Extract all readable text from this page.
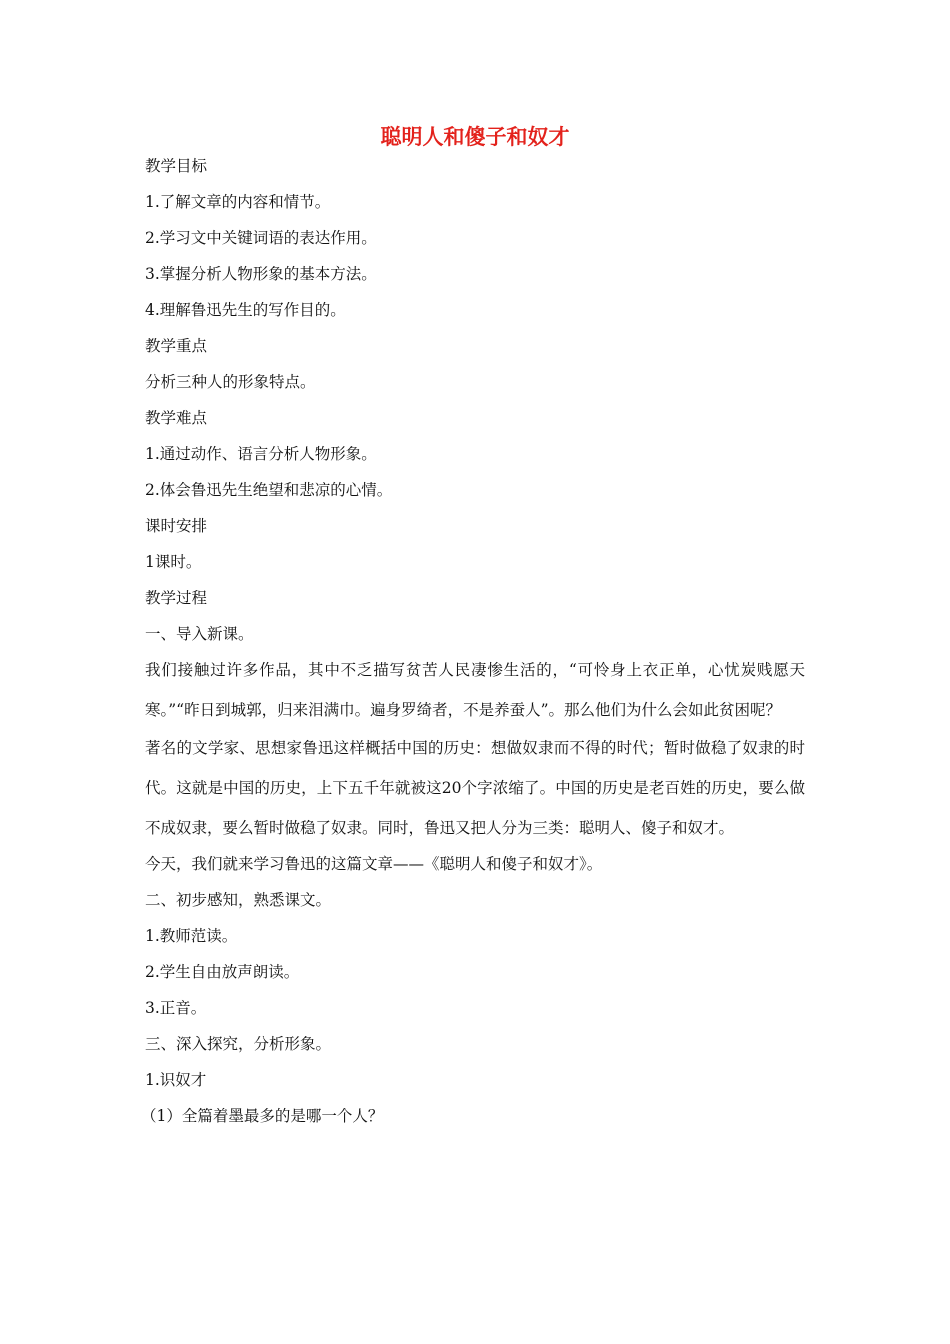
聪明人和傻子和奴才
教学目标
1.了解文章的内容和情节。
2.学习文中关键词语的表达作用。
3.掌握分析人物形象的基本方法。
4.理解鲁迅先生的写作目的。
教学重点
分析三种人的形象特点。
教学难点
1.通过动作、语言分析人物形象。
2.体会鲁迅先生绝望和悲凉的心情。
课时安排
1课时。
教学过程
一、导入新课。
我们接触过许多作品，其中不乏描写贫苦人民凄惨生活的，“可怜身上衣正单，心忧炭贱愿天寒。”“昨日到城郭，归来泪满巾。遍身罗绮者，不是养蚕人”。那么他们为什么会如此贫困呢？
著名的文学家、思想家鲁迅这样概括中国的历史：想做奴隶而不得的时代；暂时做稳了奴隶的时代。这就是中国的历史，上下五千年就被这20个字浓缩了。中国的历史是老百姓的历史，要么做不成奴隶，要么暂时做稳了奴隶。同时，鲁迅又把人分为三类：聪明人、傻子和奴才。
今天，我们就来学习鲁迅的这篇文章——《聪明人和傻子和奴才》。
二、初步感知，熟悉课文。
1.教师范读。
2.学生自由放声朗读。
3.正音。
三、深入探究，分析形象。
1.识奴才
（1）全篇着墨最多的是哪一个人？
